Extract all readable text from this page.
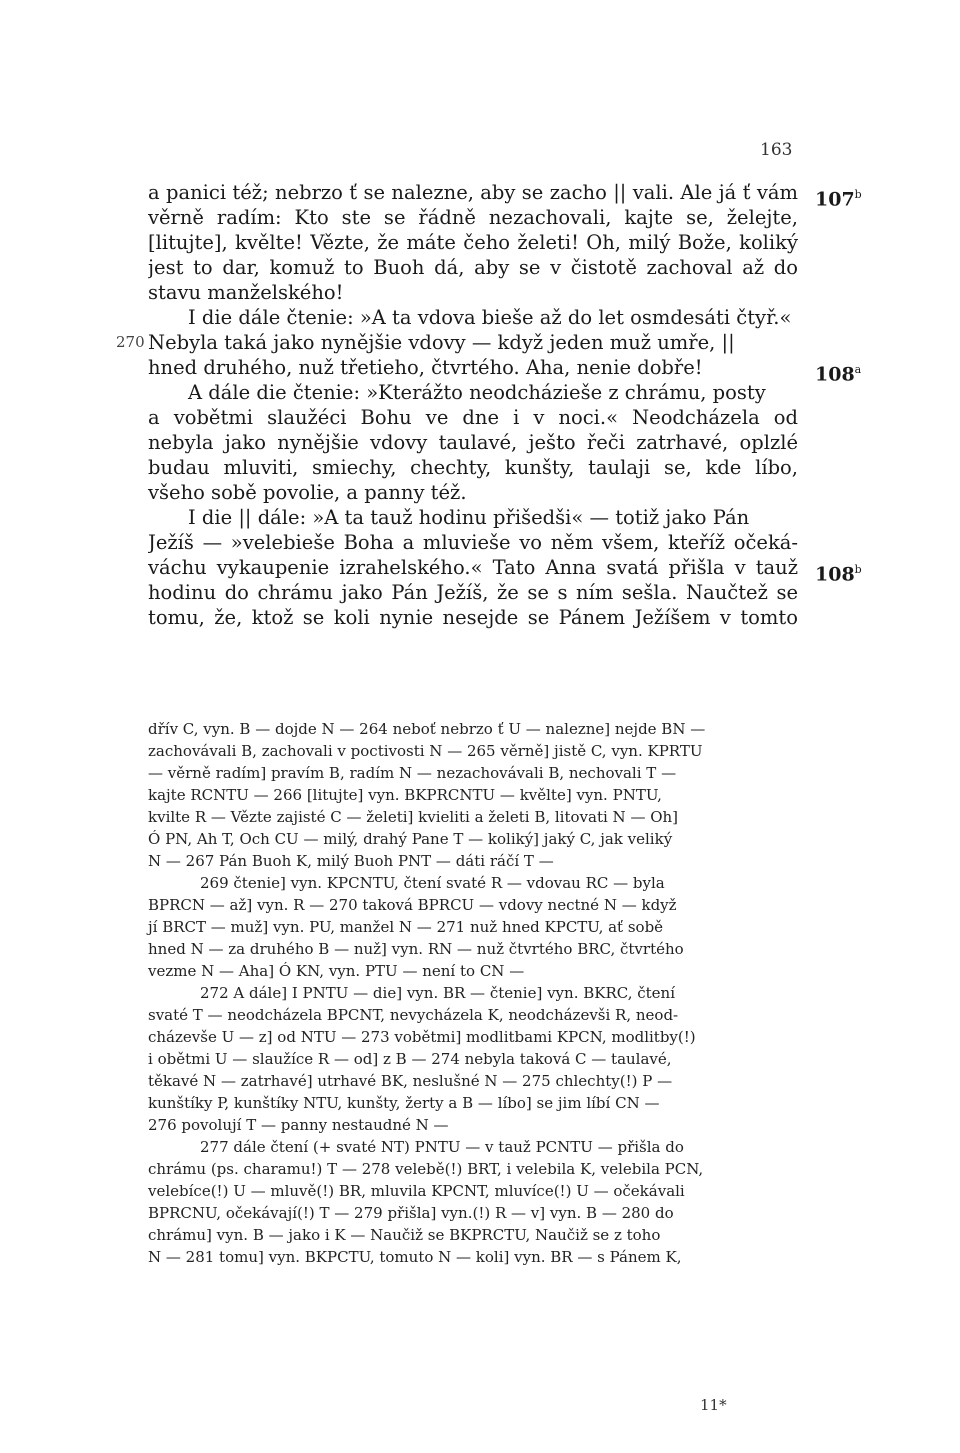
163
107$^b$
108$^a$
108$^b$
a panici též; nebrzo ť se nalezne, aby se zacho || vali. Ale já ť vám
věrně radím: Kto ste se řádně nezachovali, kajte se, želejte,
[litujte], kvělte! Vězte, že máte čeho želeti! Oh, milý Bože, koliký
jest to dar, komuž to Buoh dá, aby se v čistotě zachoval až do
stavu manželského!
I die dále čtenie: »A ta vdova bieše až do let osmdesáti čtyř.«
270 Nebyla taká jako nynějšie vdovy — když jeden muž umře, ||
hned druhého, nuž třetieho, čtvrtého. Aha, nenie dobře!
A dále die čtenie: »Kterážto neodcházieše z chrámu, posty
a vobětmi slaužéci Bohu ve dne i v noci.« Neodcházela od
nebyla jako nynějšie vdovy taulavé, ješto řeči zatrhavé, oplzlé
budau mluviti, smiechy, chechty, kunšty, taulaji se, kde líbo,
všeho sobě povolie, a panny též.
I die || dále: »A ta tauž hodinu přišedši« — totiž jako Pán
Ježíš — »velebieše Boha a mluvieše vo něm všem, kteříž očeká-
váchu vykaupenie izrahelského.« Tato Anna svatá přišla v tauž
hodinu do chrámu jako Pán Ježíš, že se s ním sešla. Naučtež se
tomu, že, ktož se koli nynie nesejde se Pánem Ježíšem v tomto
dřív C, vyn. B — dojde N — 264 neboť nebrzo ť U — nalezne] nejde BN —
zachovávali B, zachovali v poctivosti N — 265 věrně] jistě C, vyn. KPRTU
— věrně radím] pravím B, radím N — nezachovávali B, nechovali T —
kajte RCNTU — 266 [litujte] vyn. BKPRCNTU — kvělte] vyn. PNTU,
kvilte R — Vězte zajisté C — želeti] kvieliti a želeti B, litovati N — Oh]
Ó PN, Ah T, Och CU — milý, drahý Pane T — koliký] jaký C, jak veliký
N — 267 Pán Buoh K, milý Buoh PNT — dáti ráčí T —
269 čtenie] vyn. KPCNTU, čtení svaté R — vdovau RC — byla
BPRCN — až] vyn. R — 270 taková BPRCU — vdovy nectné N — když
jí BRCT — muž] vyn. PU, manžel N — 271 nuž hned KPCTU, ať sobě
hned N — za druhého B — nuž] vyn. RN — nuž čtvrtého BRC, čtvrtého
vezme N — Aha] Ó KN, vyn. PTU — není to CN —
272 A dále] I PNTU — die] vyn. BR — čtenie] vyn. BKRC, čtení
svaté T — neodcházela BPCNT, nevycházela K, neodcházevši R, neod-
cházevše U — z] od NTU — 273 vobětmi] modlitbami KPCN, modlitby(!)
i obětmi U — slaužíce R — od] z B — 274 nebyla taková C — taulavé,
těkavé N — zatrhavé] utrhavé BK, neslušné N — 275 chlechty(!) P —
kunštíky P, kunštíky NTU, kunšty, žerty a B — líbo] se jim líbí CN —
276 povolují T — panny nestaudné N —
277 dále čtení (+ svaté NT) PNTU — v tauž PCNTU — přišla do
chrámu (ps. charamu!) T — 278 velebě(!) BRT, i velebila K, velebila PCN,
velebíce(!) U — mluvě(!) BR, mluvila KPCNT, mluvíce(!) U — očekávali
BPRCNU, očekávají(!) T — 279 přišla] vyn.(!) R — v] vyn. B — 280 do
chrámu] vyn. B — jako i K — Naučiž se BKPRCTU, Naučiž se z toho
N — 281 tomu] vyn. BKPCTU, tomuto N — koli] vyn. BR — s Pánem K,
11*
